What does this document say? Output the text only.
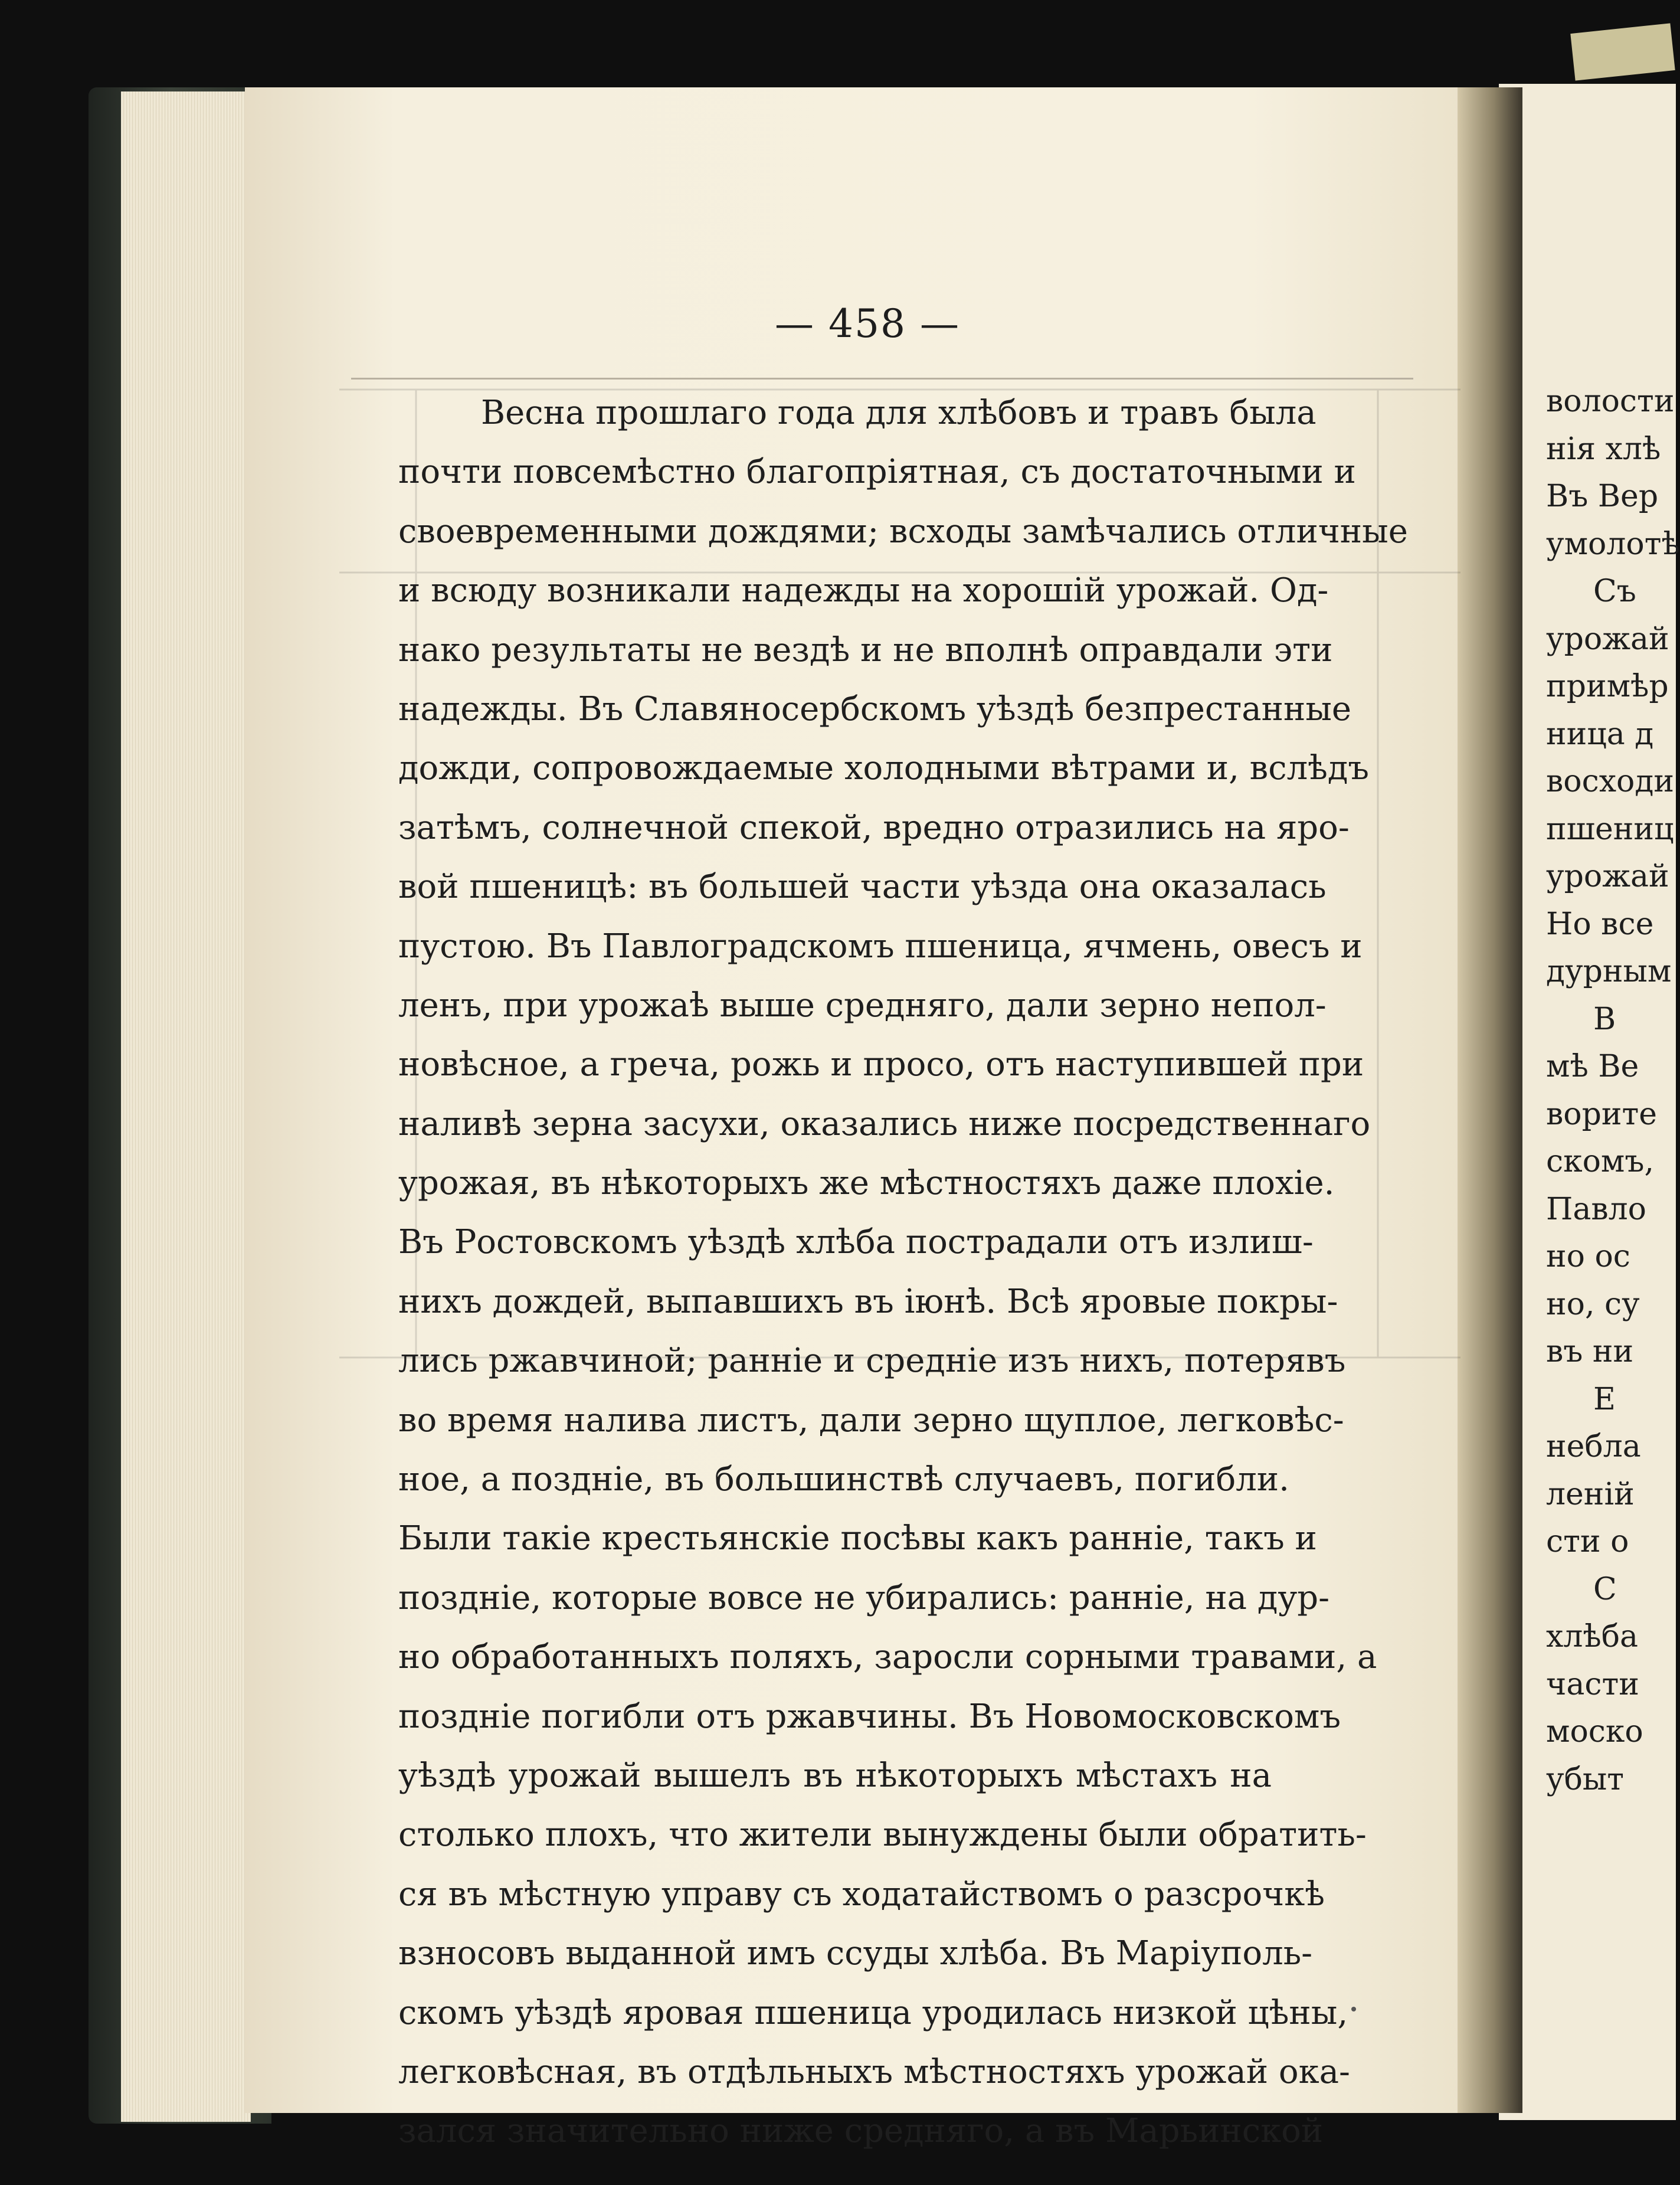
— 458 —
Весна прошлаго года для хлѣбовъ и травъ была
почти повсемѣстно благопріятная, съ достаточными и
своевременными дождями; всходы замѣчались отличные
и всюду возникали надежды на хорошій урожай. Од-
нако результаты не вездѣ и не вполнѣ оправдали эти
надежды. Въ Славяносербскомъ уѣздѣ безпрестанные
дожди, сопровождаемые холодными вѣтрами и, вслѣдъ
затѣмъ, солнечной спекой, вредно отразились на яро-
вой пшеницѣ: въ большей части уѣзда она оказалась
пустою. Въ Павлоградскомъ пшеница, ячмень, овесъ и
ленъ, при урожаѣ выше средняго, дали зерно непол-
новѣсное, а греча, рожь и просо, отъ наступившей при
наливѣ зерна засухи, оказались ниже посредственнаго
урожая, въ нѣкоторыхъ же мѣстностяхъ даже плохіе.
Въ Ростовскомъ уѣздѣ хлѣба пострадали отъ излиш-
нихъ дождей, выпавшихъ въ іюнѣ. Всѣ яровые покры-
лись ржавчиной; ранніе и средніе изъ нихъ, потерявъ
во время налива листъ, дали зерно щуплое, легковѣс-
ное, а поздніе, въ большинствѣ случаевъ, погибли.
Были такіе крестьянскіе посѣвы какъ ранніе, такъ и
поздніе, которые вовсе не убирались: ранніе, на дур-
но обработанныхъ поляхъ, заросли сорными травами, а
поздніе погибли отъ ржавчины. Въ Новомосковскомъ
уѣздѣ урожай вышелъ въ нѣкоторыхъ мѣстахъ на
столько плохъ, что жители вынуждены были обратить-
ся въ мѣстную управу съ ходатайствомъ о разсрочкѣ
взносовъ выданной имъ ссуды хлѣба. Въ Маріуполь-
скомъ уѣздѣ яровая пшеница уродилась низкой цѣны,
легковѣсная, въ отдѣльныхъ мѣстностяхъ урожай ока-
зался значительно ниже средняго, а въ Марьинской
волости
нія хлѣ
Въ Вер
умолотѣ
Съ
урожай
примѣр
ница д
восходи
пшениц
урожай
Но все
дурным
В
мѣ Ве
ворите
скомъ,
Павло
но ос
но, су
въ ни
Е
небла
леній
сти о
С
хлѣба
части
моско
убыт
